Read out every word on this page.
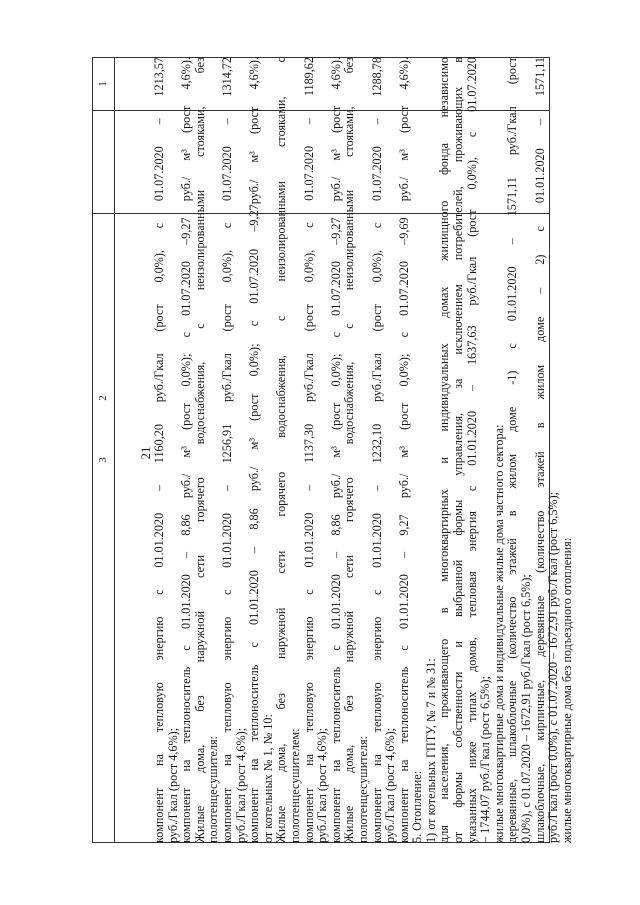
21
1
2
3	компонент на тепловую энергию с 01.01.2020 – 1160,20 руб./Гкал (рост 0,0%), с 01.07.2020 – 1213,57 руб./Гкал (рост 4,6%); компонент на теплоноситель с 01.01.2020 – 8,86 руб./ м³ (рост 0,0%); с 01.07.2020 –9,27 руб./ м³ (рост 4,6%). Жилые дома, без наружной сети горячего водоснабжения, с неизолированными стояками, без полотенцесушителя: компонент на тепловую энергию с 01.01.2020 – 1256,91 руб./Гкал (рост 0,0%), с 01.07.2020 – 1314,72 руб./Гкал (рост 4,6%); компонент на теплоноситель с 01.01.2020 – 8,86 руб./ м³ (рост 0,0%); с 01.07.2020 –9,27руб./ м³ (рост 4,6%). от котельных № 1, № 10: Жилые дома, без наружной сети горячего водоснабжения, с неизолированными стояками, с полотенцесушителем: компонент на тепловую энергию с 01.01.2020 – 1137,30 руб./Гкал (рост 0,0%), с 01.07.2020 – 1189,62 руб./Гкал (рост 4,6%); компонент на теплоноситель с 01.01.2020 – 8,86 руб./ м³ (рост 0,0%); с 01.07.2020 –9,27 руб./ м³ (рост 4,6%). Жилые дома, без наружной сети горячего водоснабжения, с неизолированными стояками, без полотенцесушителя: компонент на тепловую энергию с 01.01.2020 – 1232,10 руб./Гкал (рост 0,0%), с 01.07.2020 – 1288,78 руб./Гкал (рост 4,6%); компонент на теплоноситель с 01.01.2020 – 9,27 руб./ м³ (рост 0,0%); с 01.07.2020 –9,69 руб./ м³ (рост 4,6%). 5. Отопление: 1) от котельных ГПТУ, № 7 и № 31: для населения, проживающего в многоквартирных и индивидуальных домах жилищного фонда независимо от формы собственности и выбранной формы управления, за исключением потребителей, проживающих в указанных ниже типах домов, тепловая энергия с 01.01.2020 – 1637,63 руб./Гкал (рост 0,0%), с 01.07.2020 – 1744,07 руб./Гкал (рост 6,5%); жилые многоквартирные дома и индивидуальные жилые дома частного сектора: деревянные, шлакоблочные (количество этажей в жилом доме -1) с 01.01.2020 – 1571,11 руб./Гкал (рост 0,0%), с 01.07.2020 – 1672,91 руб./Гкал (рост 6,5%); шлакоблочные, кирпичные, деревянные (количество этажей в жилом доме – 2) с 01.01.2020 – 1571,11 руб./Гкал (рост 0,0%), с 01.07.2020 – 1672,91 руб./Гкал (рост 6,5%); жилые многоквартирные дома без подъездного отопления:
